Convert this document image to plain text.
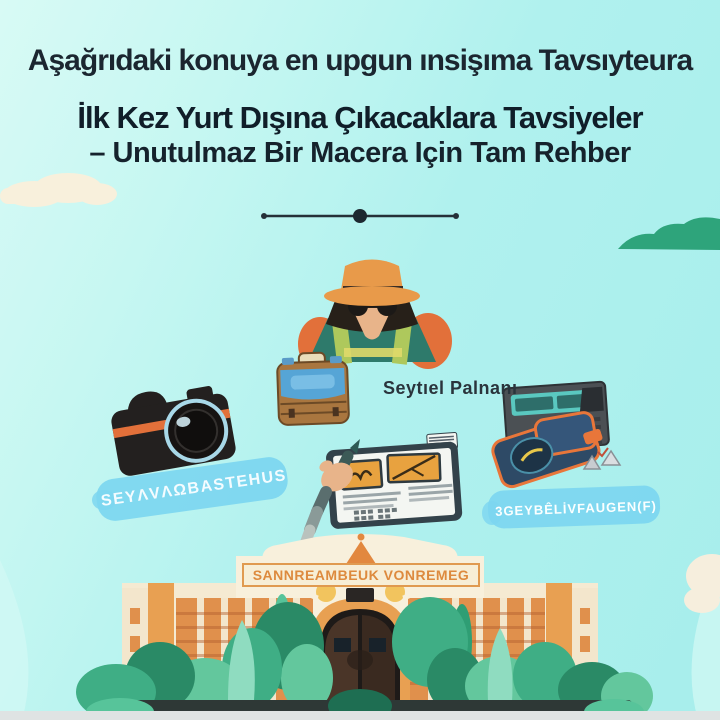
Aşağrıdaki konuya en upgun ınsişıma Tavsıyteura
İlk Kez Yurt Dışına Çıkacaklara Tavsiyeler
– Unutulmaz Bir Macera Için Tam Rehber
Seytıel Palnanı
SEYΛVΛΩBASTEHUS	3GEYBÊLİVFAUGEN(F)
SANNREAMBEUK VONREMEG
